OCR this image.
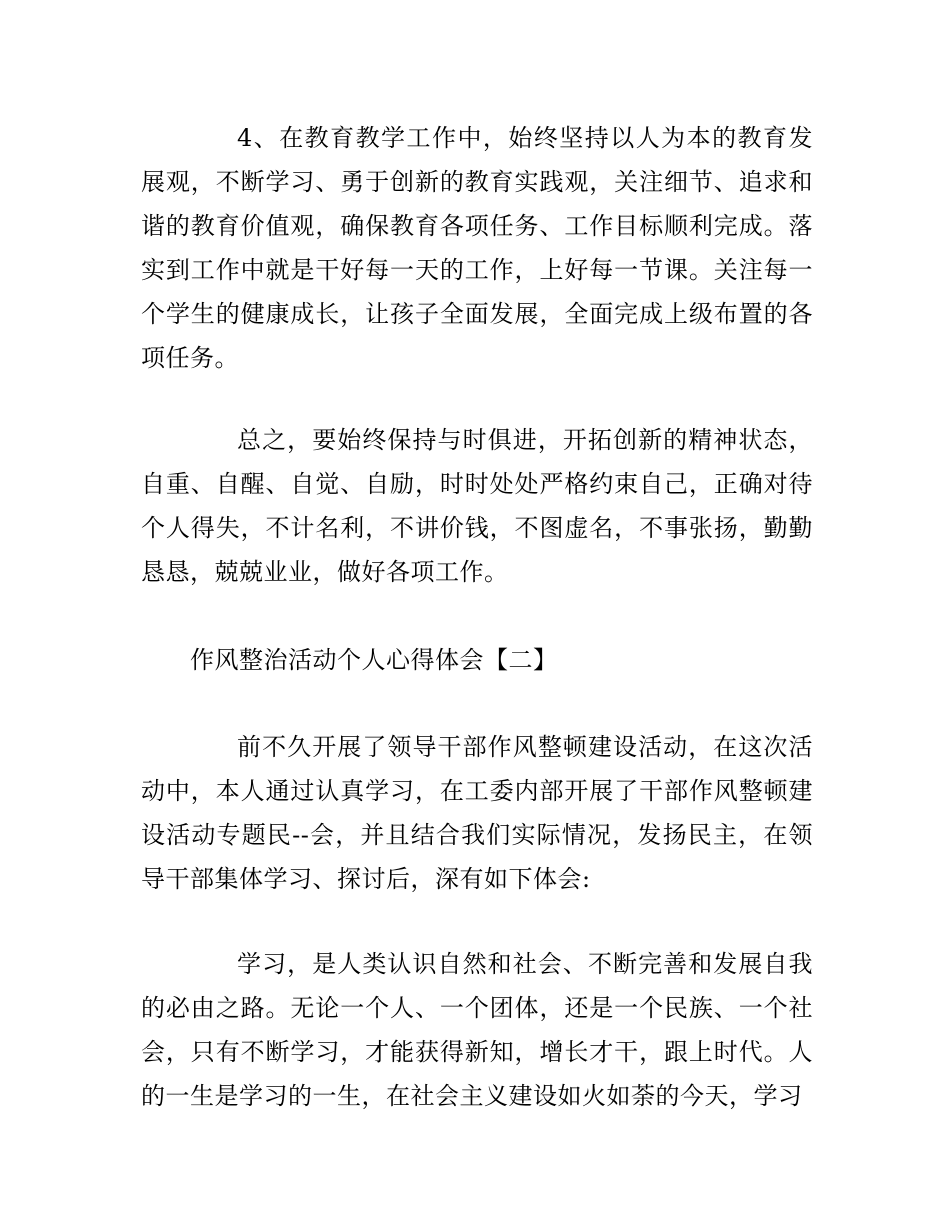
4、在教育教学工作中，始终坚持以人为本的教育发展观，不断学习、勇于创新的教育实践观，关注细节、追求和谐的教育价值观，确保教育各项任务、工作目标顺利完成。落实到工作中就是干好每一天的工作，上好每一节课。关注每一个学生的健康成长，让孩子全面发展，全面完成上级布置的各项任务。

总之，要始终保持与时俱进，开拓创新的精神状态，自重、自醒、自觉、自励，时时处处严格约束自己，正确对待个人得失，不计名利，不讲价钱，不图虚名，不事张扬，勤勤恳恳，兢兢业业，做好各项工作。

作风整治活动个人心得体会【二】

前不久开展了领导干部作风整顿建设活动，在这次活动中，本人通过认真学习，在工委内部开展了干部作风整顿建设活动专题民--会，并且结合我们实际情况，发扬民主，在领导干部集体学习、探讨后，深有如下体会:

学习，是人类认识自然和社会、不断完善和发展自我的必由之路。无论一个人、一个团体，还是一个民族、一个社会，只有不断学习，才能获得新知，增长才干，跟上时代。人的一生是学习的一生，在社会主义建设如火如荼的今天，学习
